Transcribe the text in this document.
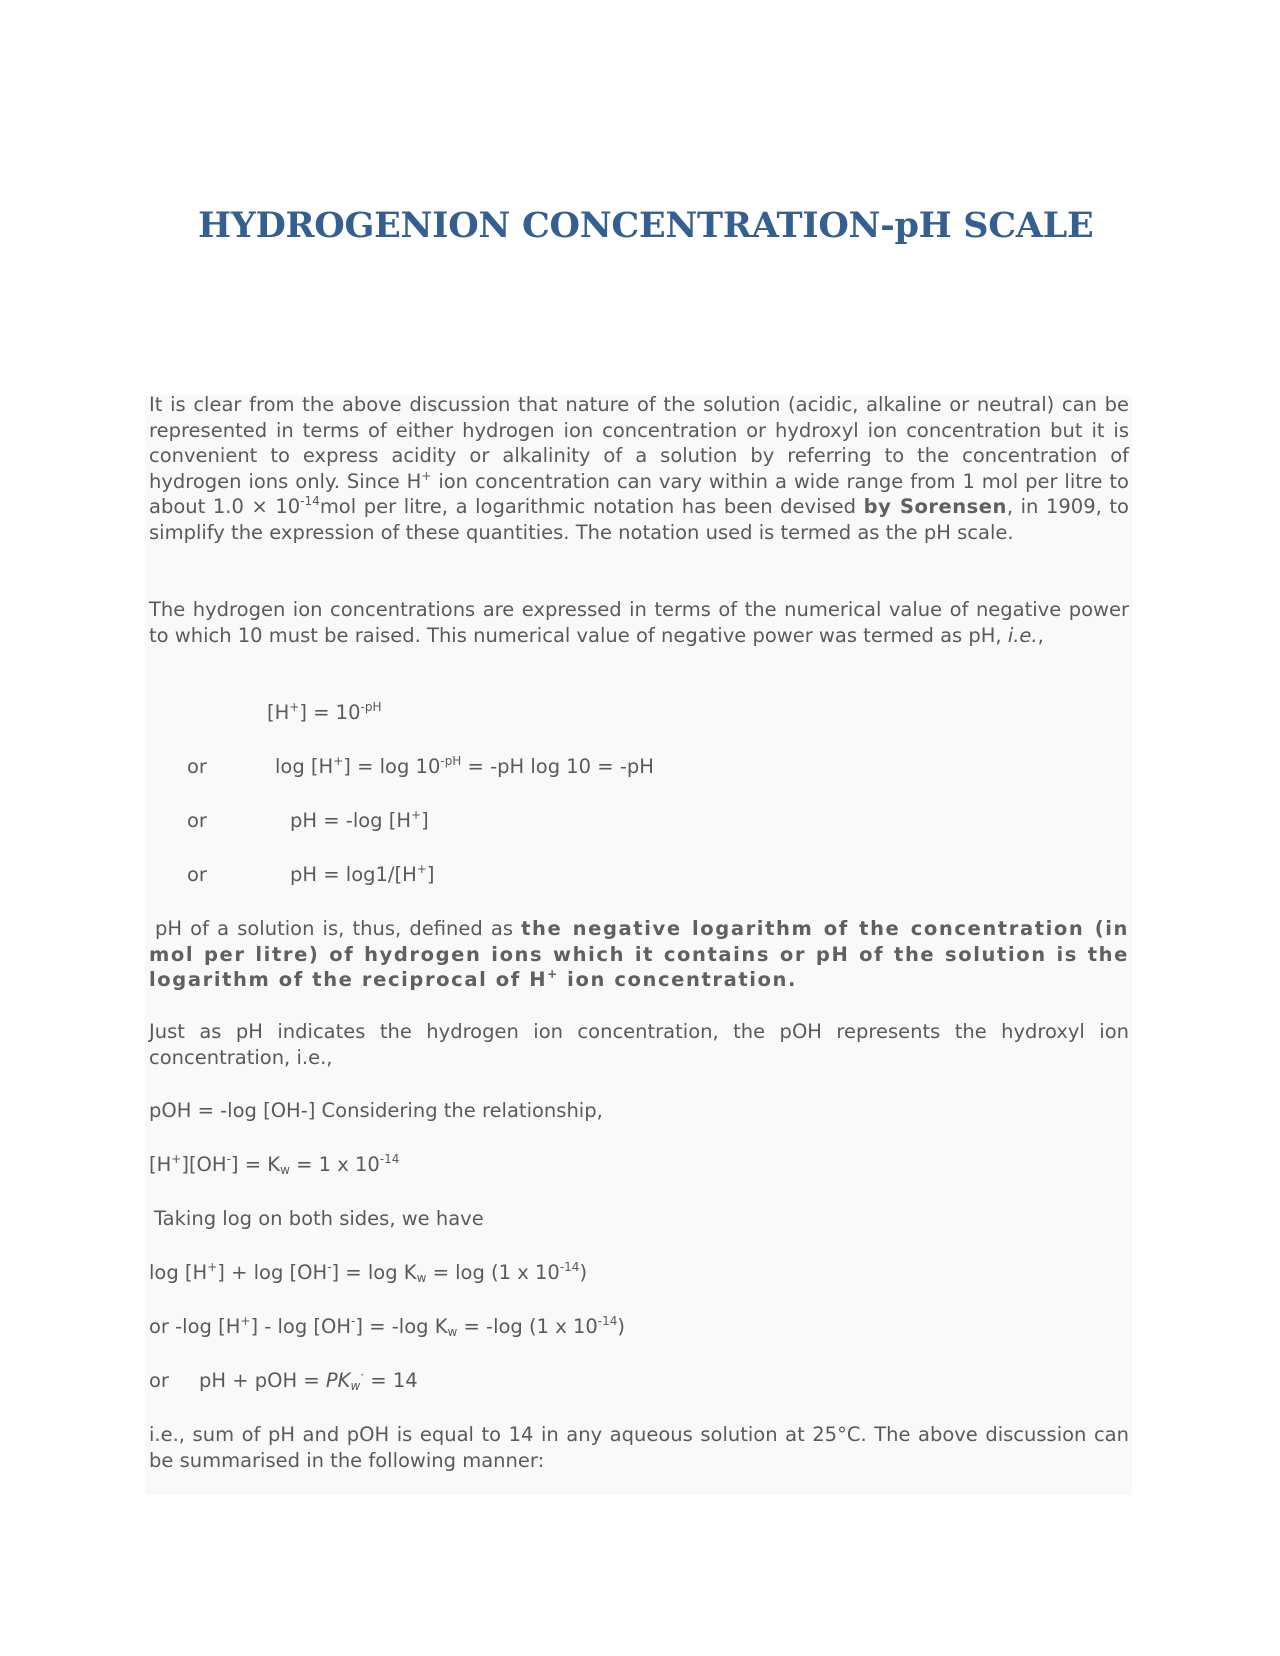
HYDROGENION CONCENTRATION-pH SCALE

It is clear from the above discussion that nature of the solution (acidic, alkaline or neutral) can be represented in terms of either hydrogen ion concentration or hydroxyl ion concentration but it is convenient to express acidity or alkalinity of a solution by referring to the concentration of hydrogen ions only. Since H+ ion concentration can vary within a wide range from 1 mol per litre to about $1.0 \times 10^{-14}mol$ per litre, a logarithmic notation has been devised by Sorensen, in 1909, to simplify the expression of these quantities. The notation used is termed as the pH scale.

The hydrogen ion concentrations are expressed in terms of the numerical value of negative power to which 10 must be raised. This numerical value of negative power was termed as pH, i.e.,

$[H^+] = 10^{-pH}$

or	$\log [H^+] = \log 10^{-pH} = -pH$ log 10 = -pH

or	pH = -log [H+]

or	pH = log1/[H+]

pH of a solution is, thus, defined as the negative logarithm of the concentration (in mol per litre) of hydrogen ions which it contains or pH of the solution is the logarithm of the reciprocal of H+ ion concentration.

Just as pH indicates the hydrogen ion concentration, the pOH represents the hydroxyl ion concentration, i.e.,

pOH = -log [OH-] Considering the relationship,

$[H^+][OH^-] = K_w = 1$ x $10^{-14}$

Taking log on both sides, we have

$\log [H^+] + \log [OH^-] = \log K_w = \log (1$ x $10^{-14}$)

or -log [H+] - log [OH-] = -log $K_w = -\log$ (1 x $10^{-14}$)

or pH + pOH = $PK_w^\cdot = 14$

i.e., sum of pH and pOH is equal to 14 in any aqueous solution at 25°C. The above discussion can be summarised in the following manner:
